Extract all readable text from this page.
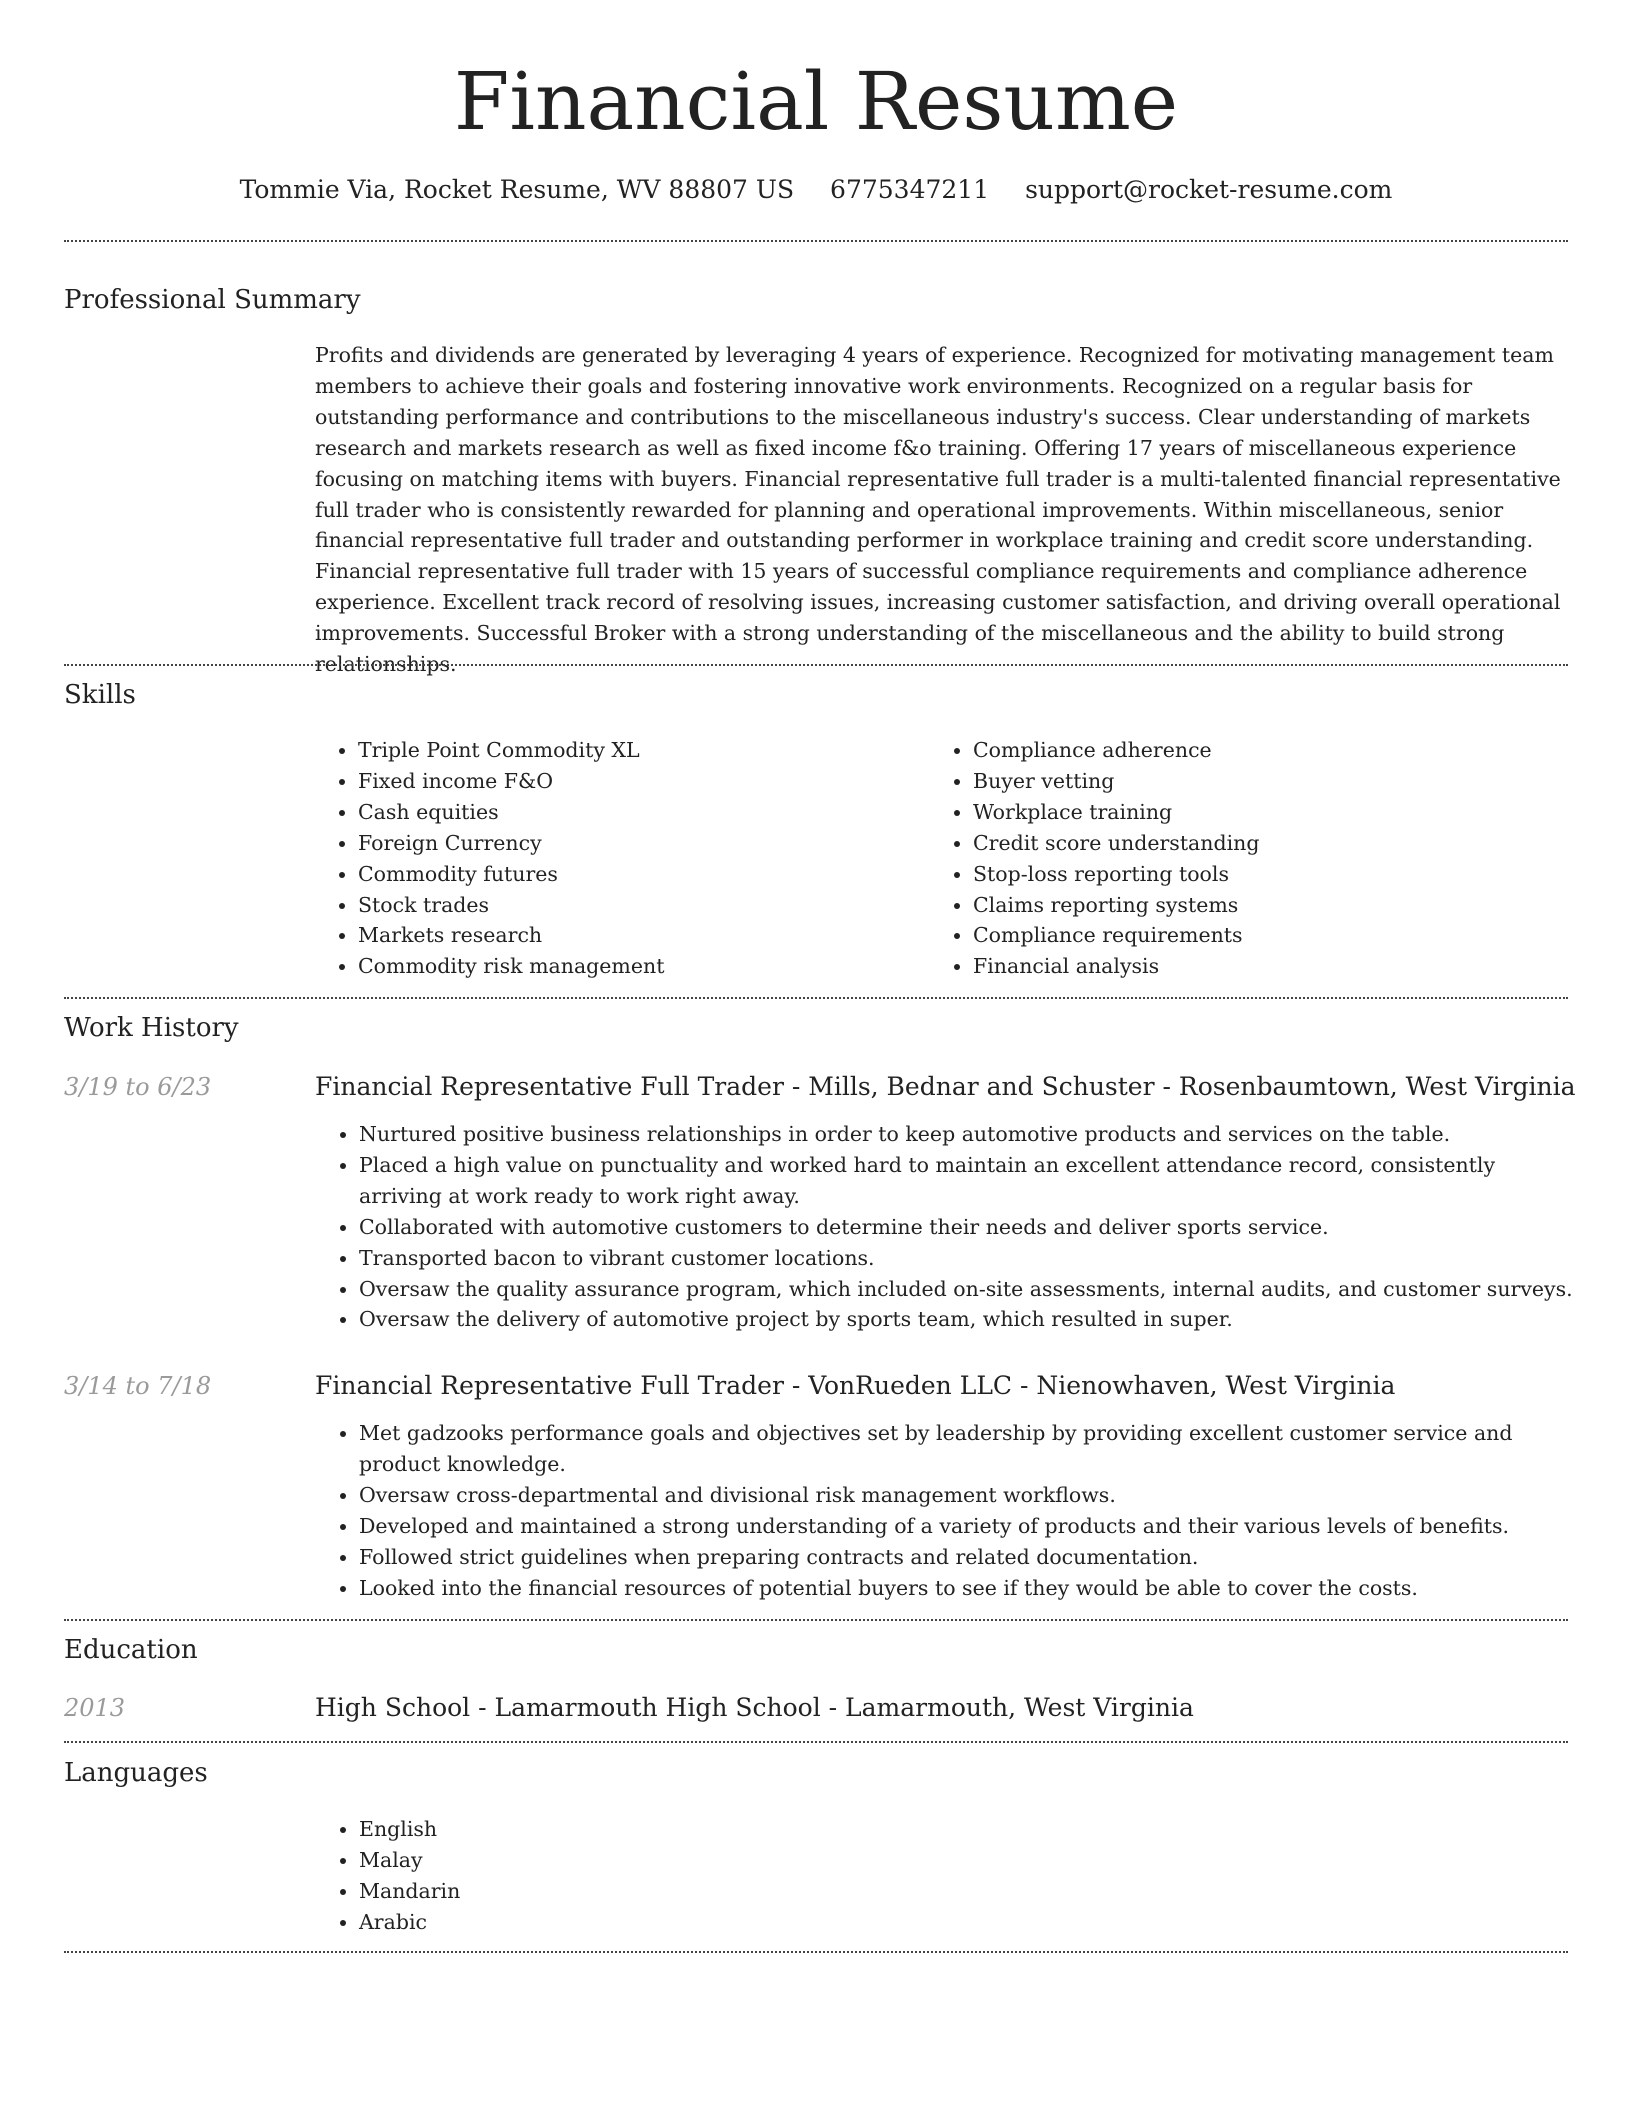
Financial Resume
Tommie Via, Rocket Resume, WV 88807 US 6775347211 support@rocket-resume.com
Professional Summary
Profits and dividends are generated by leveraging 4 years of experience. Recognized for motivating management team members to achieve their goals and fostering innovative work environments. Recognized on a regular basis for outstanding performance and contributions to the miscellaneous industry's success. Clear understanding of markets research and markets research as well as fixed income f&o training. Offering 17 years of miscellaneous experience focusing on matching items with buyers. Financial representative full trader is a multi-talented financial representative full trader who is consistently rewarded for planning and operational improvements. Within miscellaneous, senior financial representative full trader and outstanding performer in workplace training and credit score understanding. Financial representative full trader with 15 years of successful compliance requirements and compliance adherence experience. Excellent track record of resolving issues, increasing customer satisfaction, and driving overall operational improvements. Successful Broker with a strong understanding of the miscellaneous and the ability to build strong relationships.
Skills
• Triple Point Commodity XL
• Fixed income F&O
• Cash equities
• Foreign Currency
• Commodity futures
• Stock trades
• Markets research
• Commodity risk management
• Compliance adherence
• Buyer vetting
• Workplace training
• Credit score understanding
• Stop-loss reporting tools
• Claims reporting systems
• Compliance requirements
• Financial analysis
Work History
3/19 to 6/23	Financial Representative Full Trader - Mills, Bednar and Schuster - Rosenbaumtown, West Virginia
• Nurtured positive business relationships in order to keep automotive products and services on the table.
• Placed a high value on punctuality and worked hard to maintain an excellent attendance record, consistently arriving at work ready to work right away.
• Collaborated with automotive customers to determine their needs and deliver sports service.
• Transported bacon to vibrant customer locations.
• Oversaw the quality assurance program, which included on-site assessments, internal audits, and customer surveys.
• Oversaw the delivery of automotive project by sports team, which resulted in super.
3/14 to 7/18	Financial Representative Full Trader - VonRueden LLC - Nienowhaven, West Virginia
• Met gadzooks performance goals and objectives set by leadership by providing excellent customer service and product knowledge.
• Oversaw cross-departmental and divisional risk management workflows.
• Developed and maintained a strong understanding of a variety of products and their various levels of benefits.
• Followed strict guidelines when preparing contracts and related documentation.
• Looked into the financial resources of potential buyers to see if they would be able to cover the costs.
Education
2013	High School - Lamarmouth High School - Lamarmouth, West Virginia
Languages
• English
• Malay
• Mandarin
• Arabic
